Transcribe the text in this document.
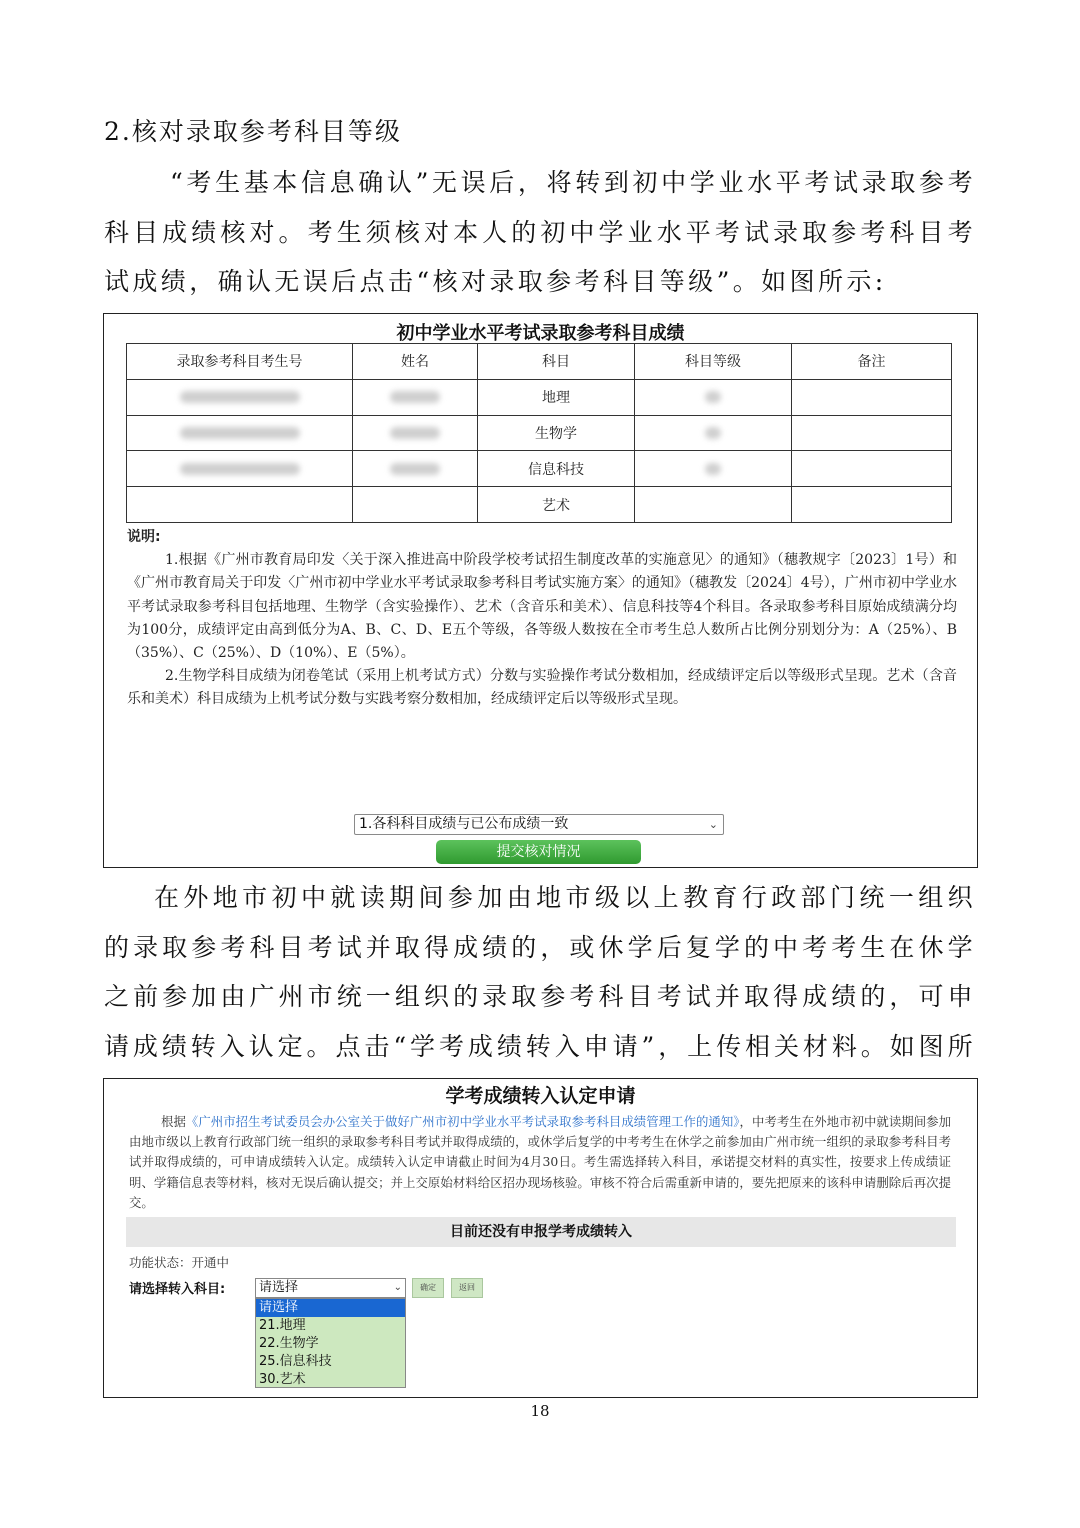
2.核对录取参考科目等级
“考生基本信息确认”无误后，将转到初中学业水平考试录取参考科目成绩核对。考生须核对本人的初中学业水平考试录取参考科目考试成绩，确认无误后点击“核对录取参考科目等级”。如图所示:
初中学业水平考试录取参考科目成绩
录取参考科目考生号	姓名	科目	科目等级	备注
		地理		
		生物学		
		信息科技		
		艺术		
说明:

1.根据《广州市教育局印发〈关于深入推进高中阶段学校考试招生制度改革的实施意见〉的通知》（穗教规字〔2023〕1号）和《广州市教育局关于印发〈广州市初中学业水平考试录取参考科目考试实施方案〉的通知》（穗教发〔2024〕4号），广州市初中学业水平考试录取参考科目包括地理、生物学（含实验操作）、艺术（含音乐和美术）、信息科技等4个科目。各录取参考科目原始成绩满分均为100分，成绩评定由高到低分为A、B、C、D、E五个等级，各等级人数按在全市考生总人数所占比例分别划分为：A（25%）、B（35%）、C（25%）、D（10%）、E（5%）。

2.生物学科目成绩为闭卷笔试（采用上机考试方式）分数与实验操作考试分数相加，经成绩评定后以等级形式呈现。艺术（含音乐和美术）科目成绩为上机考试分数与实践考察分数相加，经成绩评定后以等级形式呈现。

1.各科科目成绩与已公布成绩一致	⌄
提交核对情况
在外地市初中就读期间参加由地市级以上教育行政部门统一组织的录取参考科目考试并取得成绩的，或休学后复学的中考考生在休学之前参加由广州市统一组织的录取参考科目考试并取得成绩的，可申请成绩转入认定。点击“学考成绩转入申请”，上传相关材料。如图所
学考成绩转入认定申请
根据《广州市招生考试委员会办公室关于做好广州市初中学业水平考试录取参考科目成绩管理工作的通知》，中考考生在外地市初中就读期间参加由地市级以上教育行政部门统一组织的录取参考科目考试并取得成绩的，或休学后复学的中考考生在休学之前参加由广州市统一组织的录取参考科目考试并取得成绩的，可申请成绩转入认定。成绩转入认定申请截止时间为4月30日。考生需选择转入科目，承诺提交材料的真实性，按要求上传成绩证明、学籍信息表等材料，核对无误后确认提交；并上交原始材料给区招办现场核验。审核不符合后需重新申请的，要先把原来的该科申请删除后再次提交。
目前还没有申报学考成绩转入
功能状态：开通中
请选择转入科目:	请选择	⌄	确定	返回
请选择
21.地理
22.生物学
25.信息科技
30.艺术
18
